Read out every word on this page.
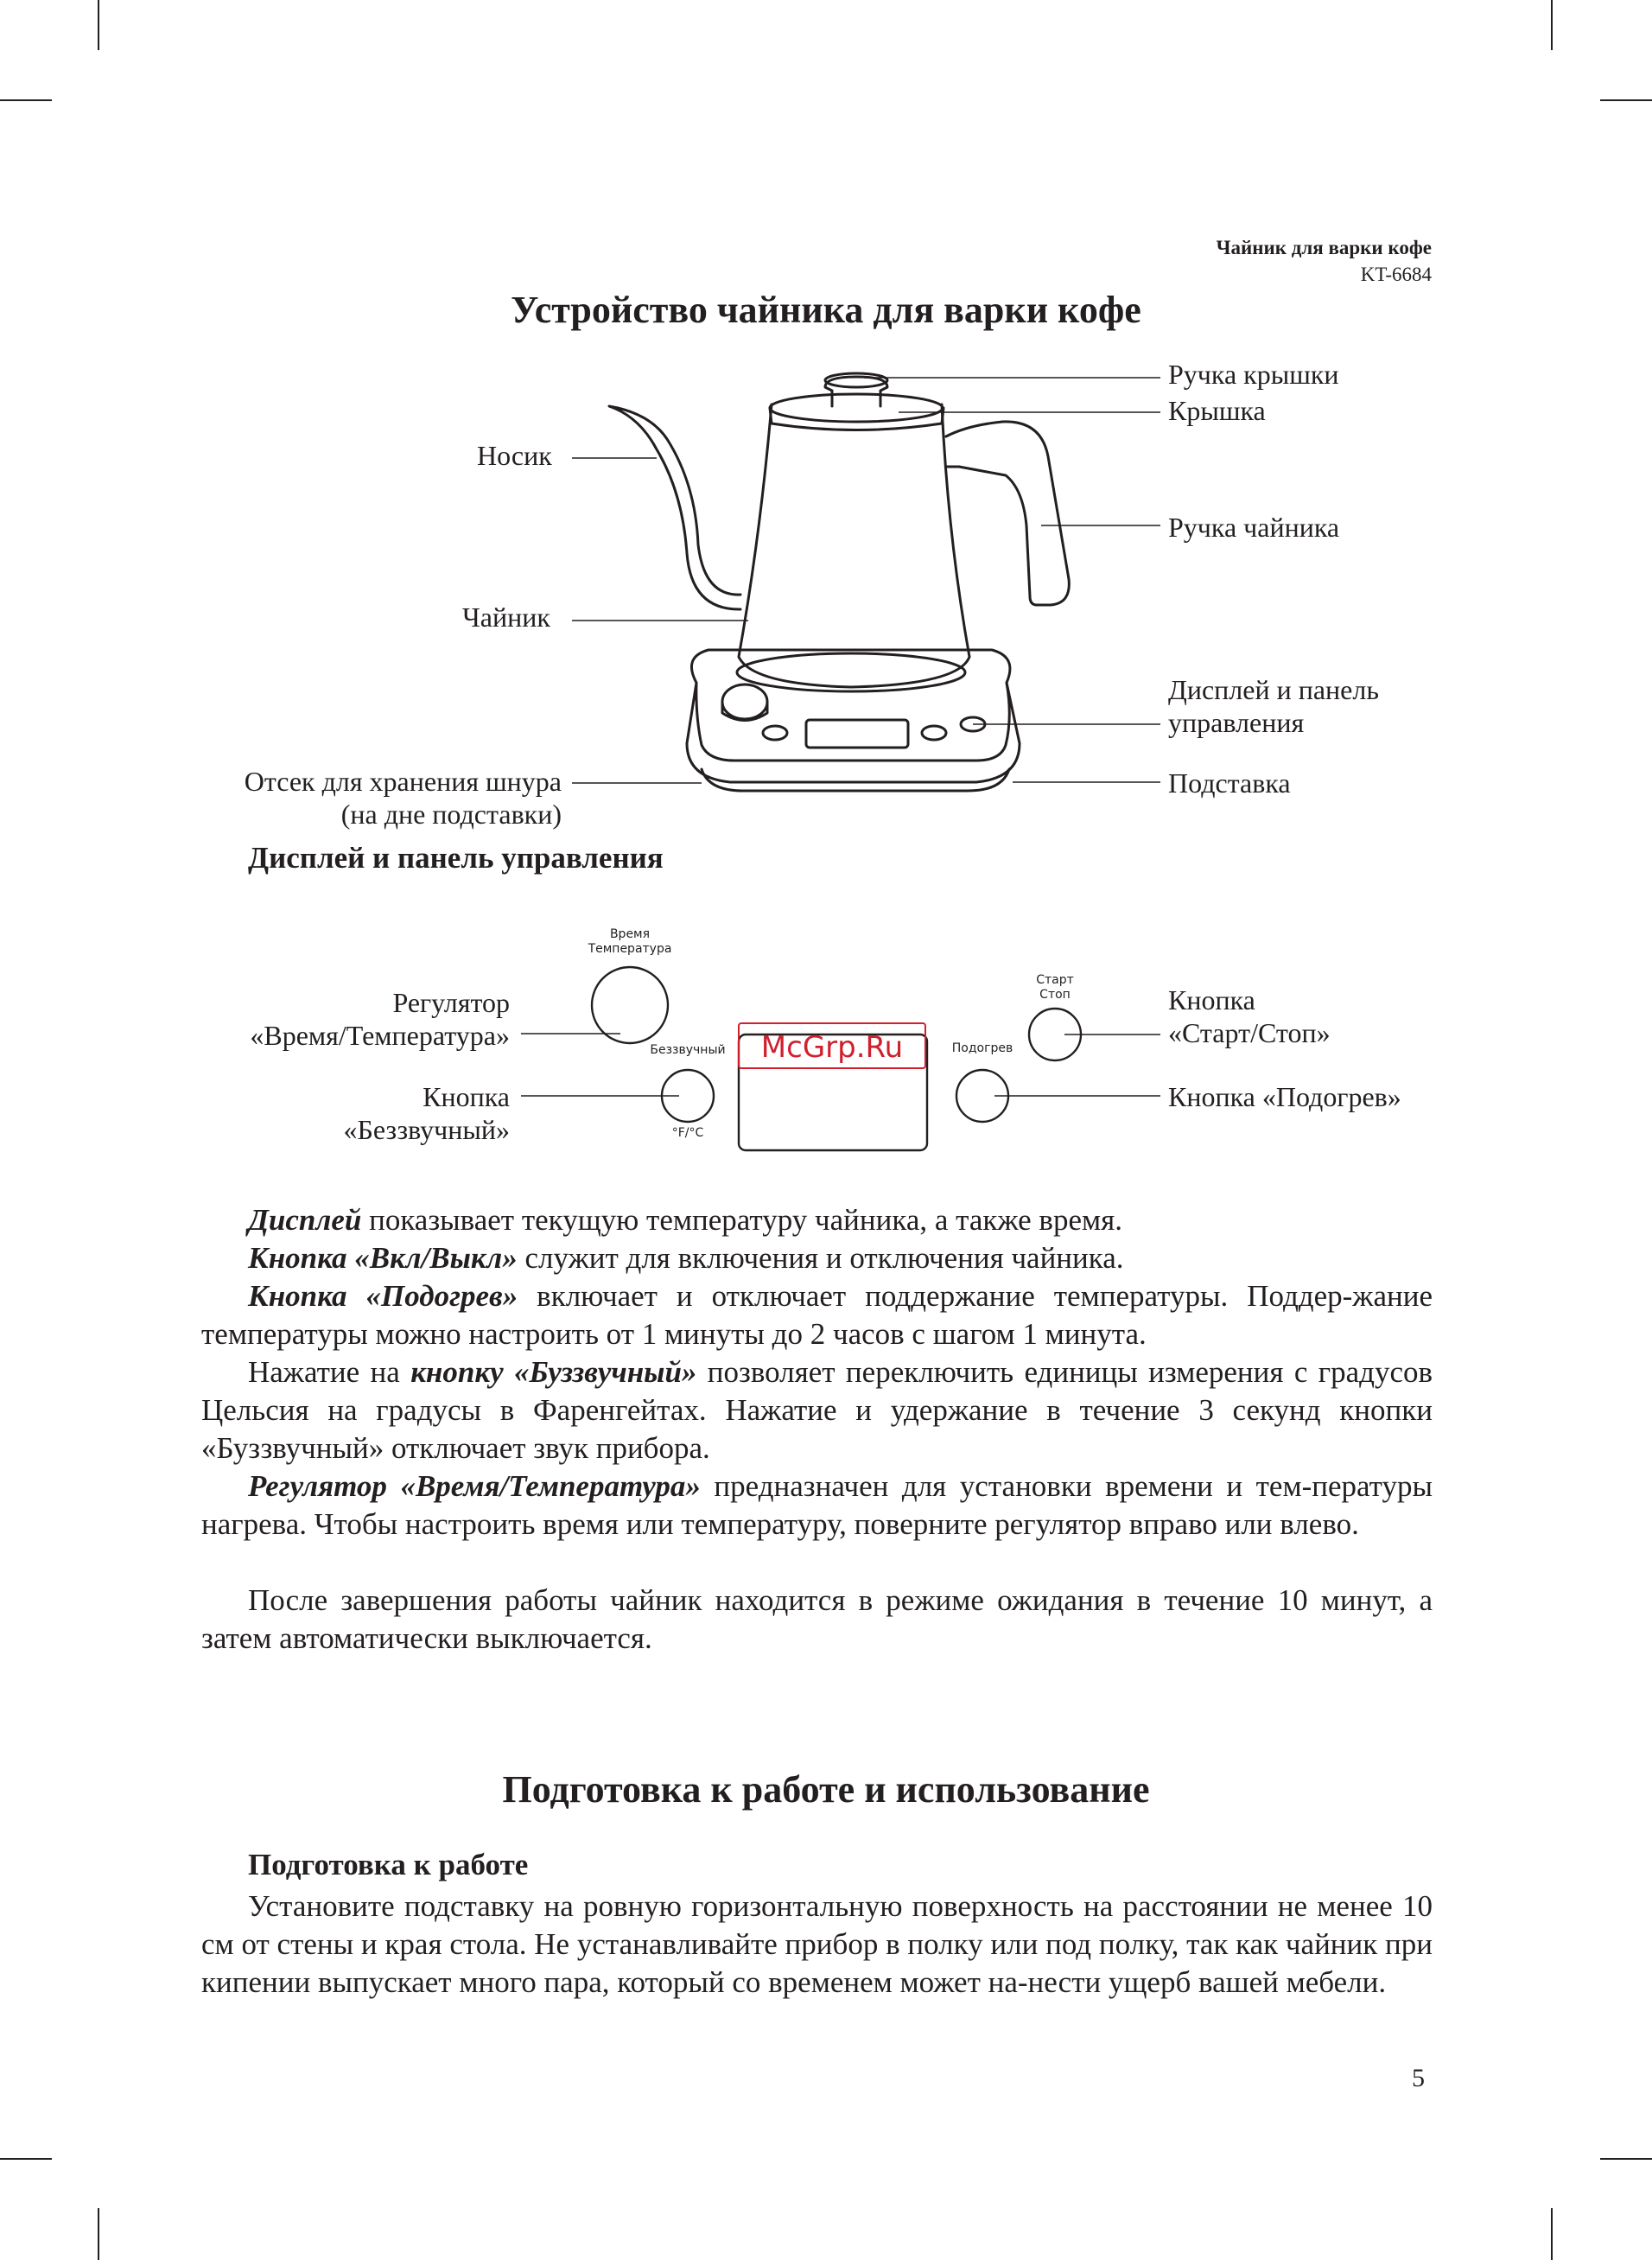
Чайник для варки кофе
KT-6684
Устройство чайника для варки кофе
Ручка крышки
Крышка
Ручка чайника
Дисплей и панель
управления
Подставка
Носик
Чайник
Отсек для хранения шнура
(на дне подставки)
Дисплей и панель управления
Время
Температура
Беззвучный
°F/°C
Подогрев
Старт
Стоп
McGrp.Ru
Регулятор
«Время/Температура»
Кнопка
«Беззвучный»
Кнопка
«Старт/Стоп»
Кнопка «Подогрев»

Дисплей показывает текущую температуру чайника, а также время.

Кнопка «Вкл/Выкл» служит для включения и отключения чайника.

Кнопка «Подогрев» включает и отключает поддержание температуры. Поддер-жание температуры можно настроить от 1 минуты до 2 часов с шагом 1 минута.

Нажатие на кнопку «Буззвучный» позволяет переключить единицы измерения с градусов Цельсия на градусы в Фаренгейтах. Нажатие и удержание в течение 3 секунд кнопки «Буззвучный» отключает звук прибора.

Регулятор «Время/Температура» предназначен для установки времени и тем-пературы нагрева. Чтобы настроить время или температуру, поверните регулятор вправо или влево.

После завершения работы чайник находится в режиме ожидания в течение 10 минут, а затем автоматически выключается.

Подготовка к работе и использование
Подготовка к работе

Установите подставку на ровную горизонтальную поверхность на расстоянии не менее 10 см от стены и края стола. Не устанавливайте прибор в полку или под полку, так как чайник при кипении выпускает много пара, который со временем может на-нести ущерб вашей мебели.

5
